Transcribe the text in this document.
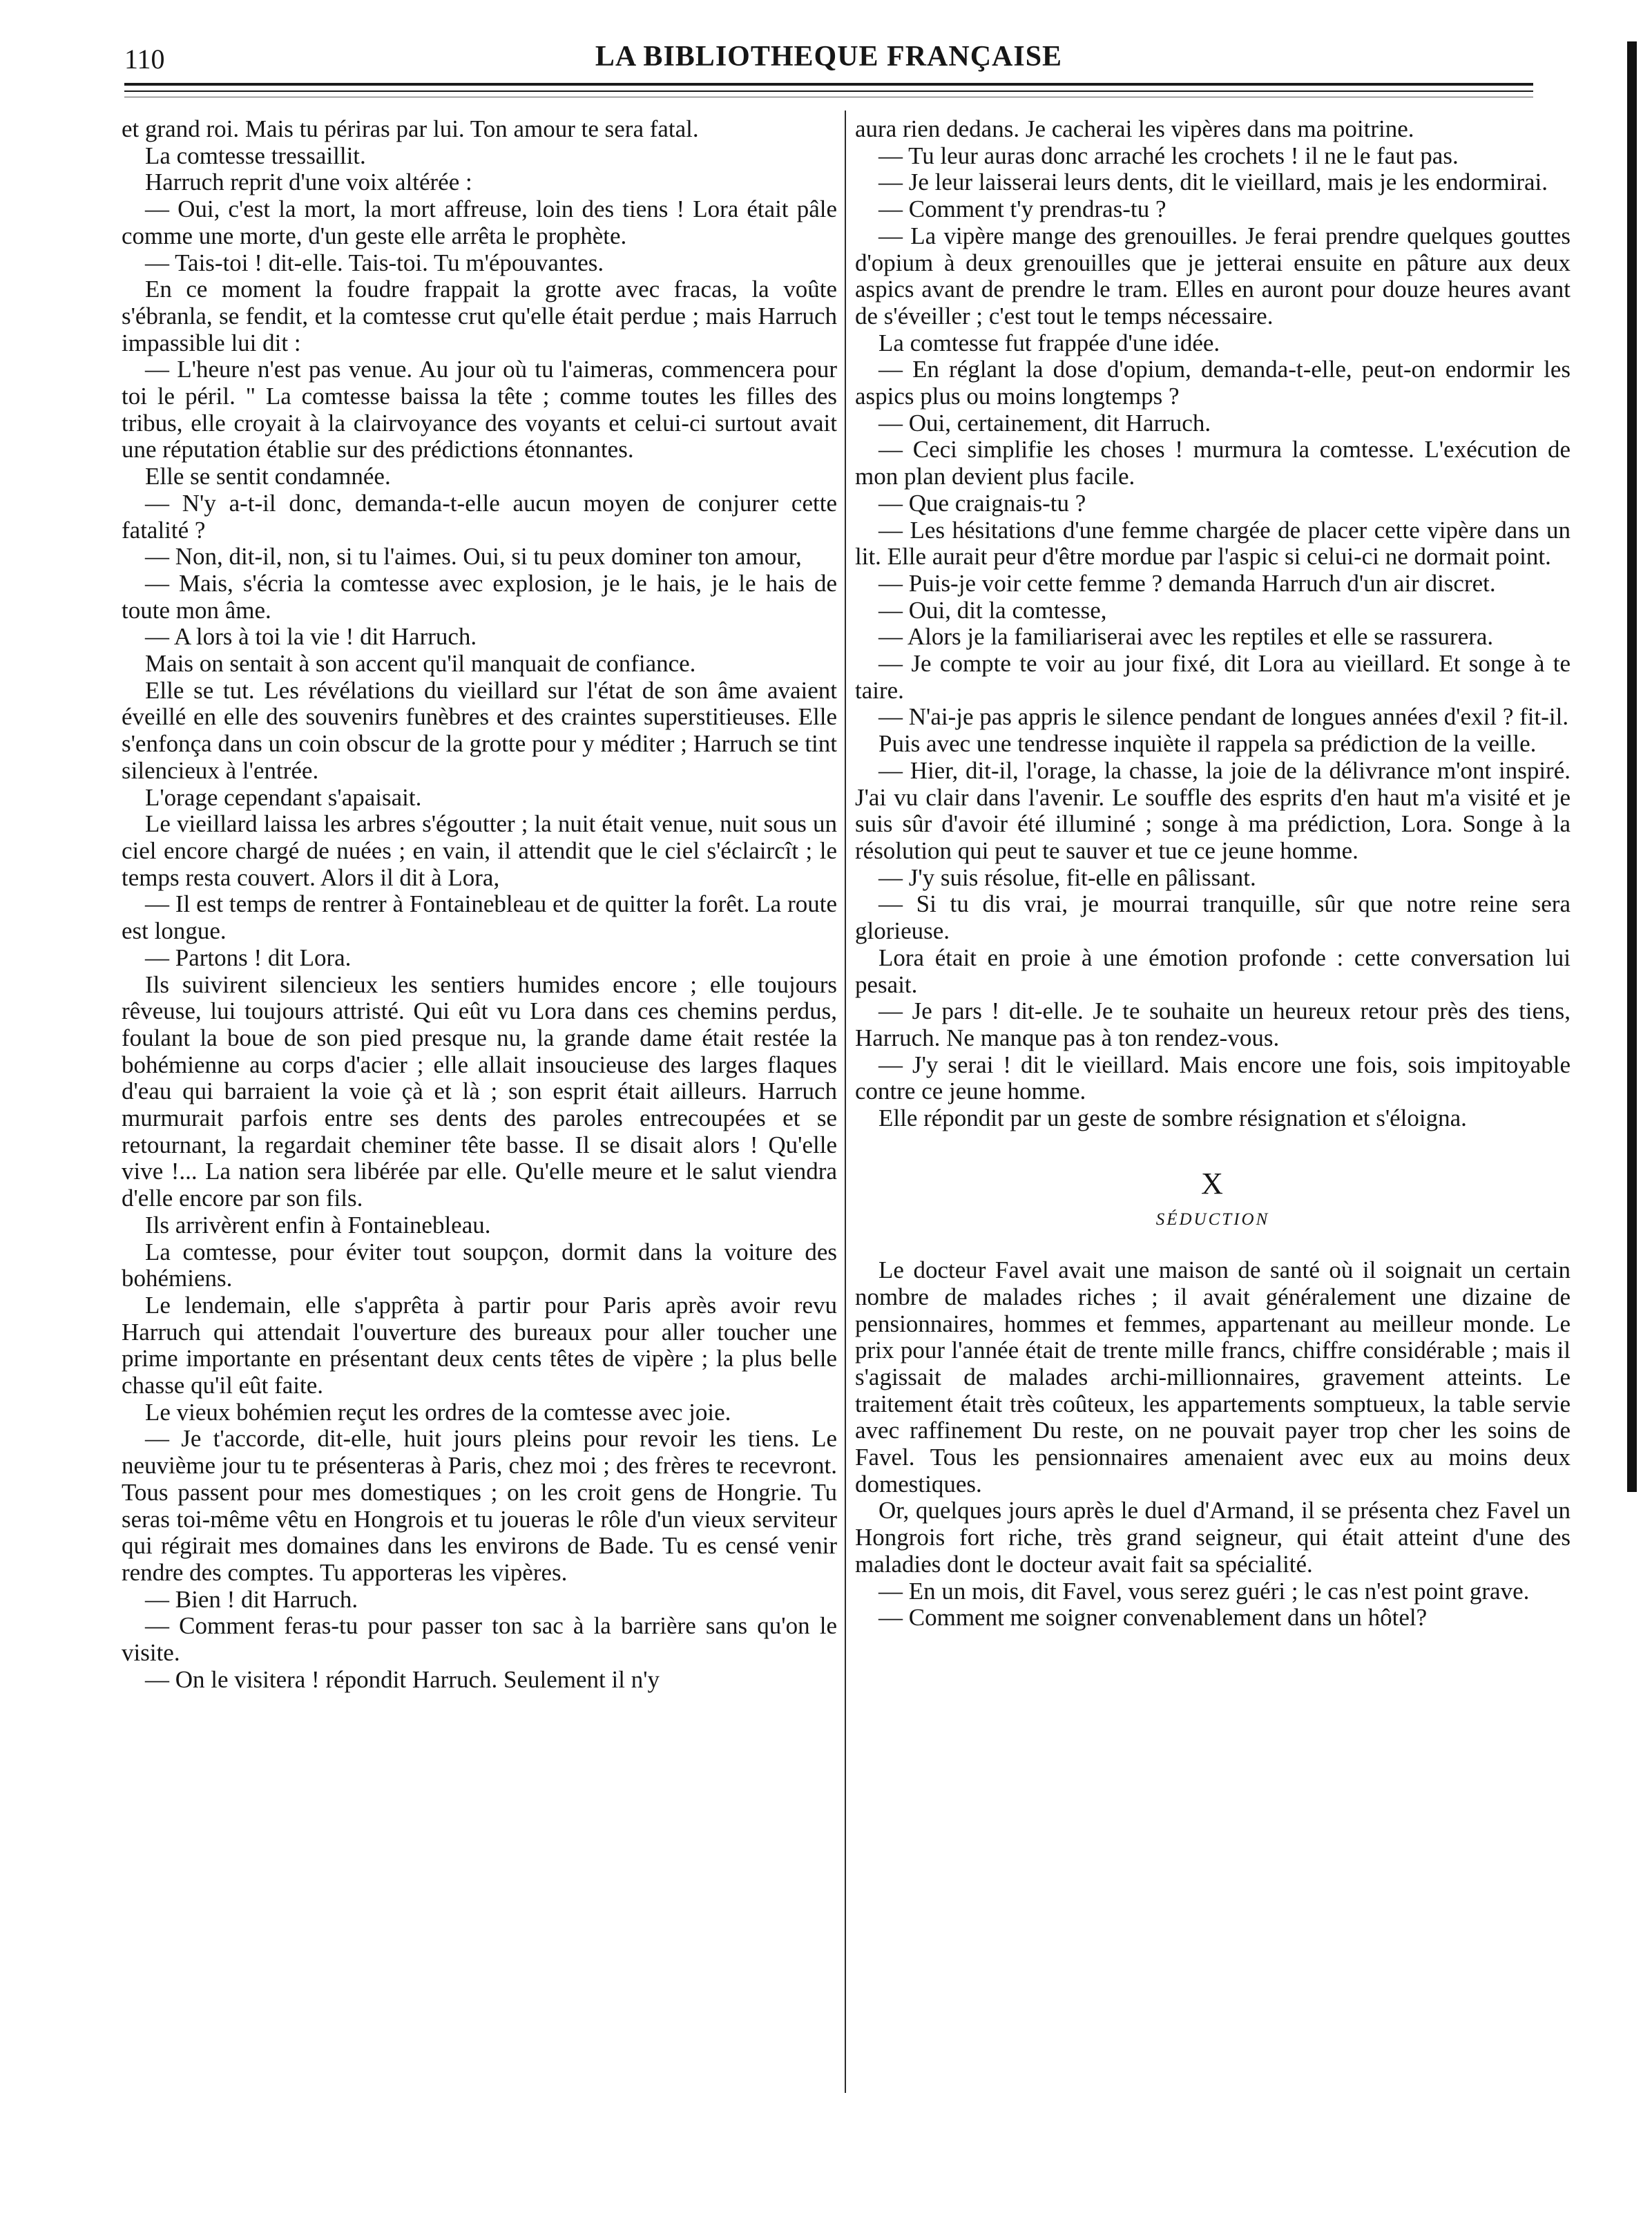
110	LA BIBLIOTHEQUE FRANÇAISE

et grand roi. Mais tu périras par lui. Ton amour te sera fatal.

La comtesse tressaillit.

Harruch reprit d'une voix altérée :

— Oui, c'est la mort, la mort affreuse, loin des tiens ! Lora était pâle comme une morte, d'un geste elle arrêta le prophète.

— Tais-toi ! dit-elle. Tais-toi. Tu m'épouvantes.

En ce moment la foudre frappait la grotte avec fracas, la voûte s'ébranla, se fendit, et la comtesse crut qu'elle était perdue ; mais Harruch impassible lui dit :

— L'heure n'est pas venue. Au jour où tu l'aimeras, commencera pour toi le péril. " La comtesse baissa la tête ; comme toutes les filles des tribus, elle croyait à la clairvoyance des voyants et celui-ci surtout avait une réputation établie sur des prédictions étonnantes.

Elle se sentit condamnée.

— N'y a-t-il donc, demanda-t-elle aucun moyen de conjurer cette fatalité ?

— Non, dit-il, non, si tu l'aimes. Oui, si tu peux dominer ton amour,

— Mais, s'écria la comtesse avec explosion, je le hais, je le hais de toute mon âme.

— A lors à toi la vie ! dit Harruch.

Mais on sentait à son accent qu'il manquait de confiance.

Elle se tut. Les révélations du vieillard sur l'état de son âme avaient éveillé en elle des souvenirs funèbres et des craintes superstitieuses. Elle s'enfonça dans un coin obscur de la grotte pour y méditer ; Harruch se tint silencieux à l'entrée.

L'orage cependant s'apaisait.

Le vieillard laissa les arbres s'égoutter ; la nuit était venue, nuit sous un ciel encore chargé de nuées ; en vain, il attendit que le ciel s'éclaircît ; le temps resta couvert. Alors il dit à Lora,

— Il est temps de rentrer à Fontainebleau et de quitter la forêt. La route est longue.

— Partons ! dit Lora.

Ils suivirent silencieux les sentiers humides encore ; elle toujours rêveuse, lui toujours attristé. Qui eût vu Lora dans ces chemins perdus, foulant la boue de son pied presque nu, la grande dame était restée la bohémienne au corps d'acier ; elle allait insoucieuse des larges flaques d'eau qui barraient la voie çà et là ; son esprit était ailleurs. Harruch murmurait parfois entre ses dents des paroles entrecoupées et se retournant, la regardait cheminer tête basse. Il se disait alors ! Qu'elle vive !... La nation sera libérée par elle. Qu'elle meure et le salut viendra d'elle encore par son fils.

Ils arrivèrent enfin à Fontainebleau.

La comtesse, pour éviter tout soupçon, dormit dans la voiture des bohémiens.

Le lendemain, elle s'apprêta à partir pour Paris après avoir revu Harruch qui attendait l'ouverture des bureaux pour aller toucher une prime importante en présentant deux cents têtes de vipère ; la plus belle chasse qu'il eût faite.

Le vieux bohémien reçut les ordres de la comtesse avec joie.

— Je t'accorde, dit-elle, huit jours pleins pour revoir les tiens. Le neuvième jour tu te présenteras à Paris, chez moi ; des frères te recevront. Tous passent pour mes domestiques ; on les croit gens de Hongrie. Tu seras toi-même vêtu en Hongrois et tu joueras le rôle d'un vieux serviteur qui régirait mes domaines dans les environs de Bade. Tu es censé venir rendre des comptes. Tu apporteras les vipères.

— Bien ! dit Harruch.

— Comment feras-tu pour passer ton sac à la barrière sans qu'on le visite.

— On le visitera ! répondit Harruch. Seulement il n'y

aura rien dedans. Je cacherai les vipères dans ma poitrine.

— Tu leur auras donc arraché les crochets ! il ne le faut pas.

— Je leur laisserai leurs dents, dit le vieillard, mais je les endormirai.

— Comment t'y prendras-tu ?

— La vipère mange des grenouilles. Je ferai prendre quelques gouttes d'opium à deux grenouilles que je jetterai ensuite en pâture aux deux aspics avant de prendre le tram. Elles en auront pour douze heures avant de s'éveiller ; c'est tout le temps nécessaire.

La comtesse fut frappée d'une idée.

— En réglant la dose d'opium, demanda-t-elle, peut-on endormir les aspics plus ou moins longtemps ?

— Oui, certainement, dit Harruch.

— Ceci simplifie les choses ! murmura la comtesse. L'exécution de mon plan devient plus facile.

— Que craignais-tu ?

— Les hésitations d'une femme chargée de placer cette vipère dans un lit. Elle aurait peur d'être mordue par l'aspic si celui-ci ne dormait point.

— Puis-je voir cette femme ? demanda Harruch d'un air discret.

— Oui, dit la comtesse,

— Alors je la familiariserai avec les reptiles et elle se rassurera.

— Je compte te voir au jour fixé, dit Lora au vieillard. Et songe à te taire.

— N'ai-je pas appris le silence pendant de longues années d'exil ? fit-il.

Puis avec une tendresse inquiète il rappela sa prédiction de la veille.

— Hier, dit-il, l'orage, la chasse, la joie de la délivrance m'ont inspiré. J'ai vu clair dans l'avenir. Le souffle des esprits d'en haut m'a visité et je suis sûr d'avoir été illuminé ; songe à ma prédiction, Lora. Songe à la résolution qui peut te sauver et tue ce jeune homme.

— J'y suis résolue, fit-elle en pâlissant.

— Si tu dis vrai, je mourrai tranquille, sûr que notre reine sera glorieuse.

Lora était en proie à une émotion profonde : cette conversation lui pesait.

— Je pars ! dit-elle. Je te souhaite un heureux retour près des tiens, Harruch. Ne manque pas à ton rendez-vous.

— J'y serai ! dit le vieillard. Mais encore une fois, sois impitoyable contre ce jeune homme.

Elle répondit par un geste de sombre résignation et s'éloigna.

X
SÉDUCTION

Le docteur Favel avait une maison de santé où il soignait un certain nombre de malades riches ; il avait généralement une dizaine de pensionnaires, hommes et femmes, appartenant au meilleur monde. Le prix pour l'année était de trente mille francs, chiffre considérable ; mais il s'agissait de malades archi-millionnaires, gravement atteints. Le traitement était très coûteux, les appartements somptueux, la table servie avec raffinement Du reste, on ne pouvait payer trop cher les soins de Favel. Tous les pensionnaires amenaient avec eux au moins deux domestiques.

Or, quelques jours après le duel d'Armand, il se présenta chez Favel un Hongrois fort riche, très grand seigneur, qui était atteint d'une des maladies dont le docteur avait fait sa spécialité.

— En un mois, dit Favel, vous serez guéri ; le cas n'est point grave.

— Comment me soigner convenablement dans un hôtel?
